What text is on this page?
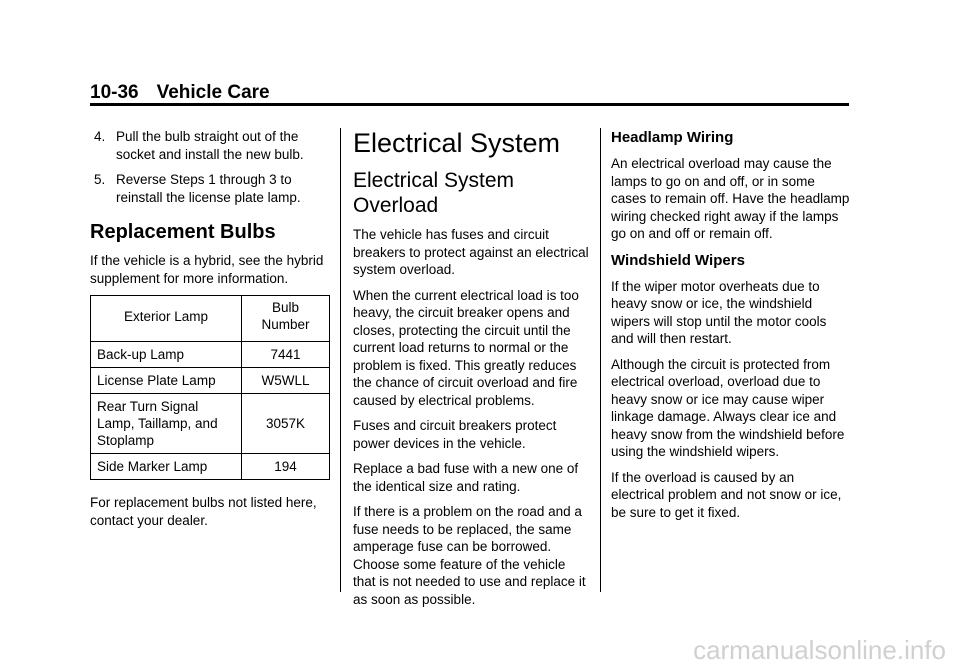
10-36 Vehicle Care
4. Pull the bulb straight out of the socket and install the new bulb.
5. Reverse Steps 1 through 3 to reinstall the license plate lamp.
Replacement Bulbs

If the vehicle is a hybrid, see the hybrid supplement for more information.

Exterior Lamp	Bulb Number
Back-up Lamp	7441
License Plate Lamp	W5WLL
Rear Turn Signal Lamp, Taillamp, and Stoplamp	3057K
Side Marker Lamp	194

For replacement bulbs not listed here, contact your dealer.

Electrical System
Electrical System Overload

The vehicle has fuses and circuit breakers to protect against an electrical system overload.

When the current electrical load is too heavy, the circuit breaker opens and closes, protecting the circuit until the current load returns to normal or the problem is fixed. This greatly reduces the chance of circuit overload and fire caused by electrical problems.

Fuses and circuit breakers protect power devices in the vehicle.

Replace a bad fuse with a new one of the identical size and rating.

If there is a problem on the road and a fuse needs to be replaced, the same amperage fuse can be borrowed. Choose some feature of the vehicle that is not needed to use and replace it as soon as possible.

Headlamp Wiring

An electrical overload may cause the lamps to go on and off, or in some cases to remain off. Have the headlamp wiring checked right away if the lamps go on and off or remain off.

Windshield Wipers

If the wiper motor overheats due to heavy snow or ice, the windshield wipers will stop until the motor cools and will then restart.

Although the circuit is protected from electrical overload, overload due to heavy snow or ice may cause wiper linkage damage. Always clear ice and heavy snow from the windshield before using the windshield wipers.

If the overload is caused by an electrical problem and not snow or ice, be sure to get it fixed.

carmanualsonline.info
